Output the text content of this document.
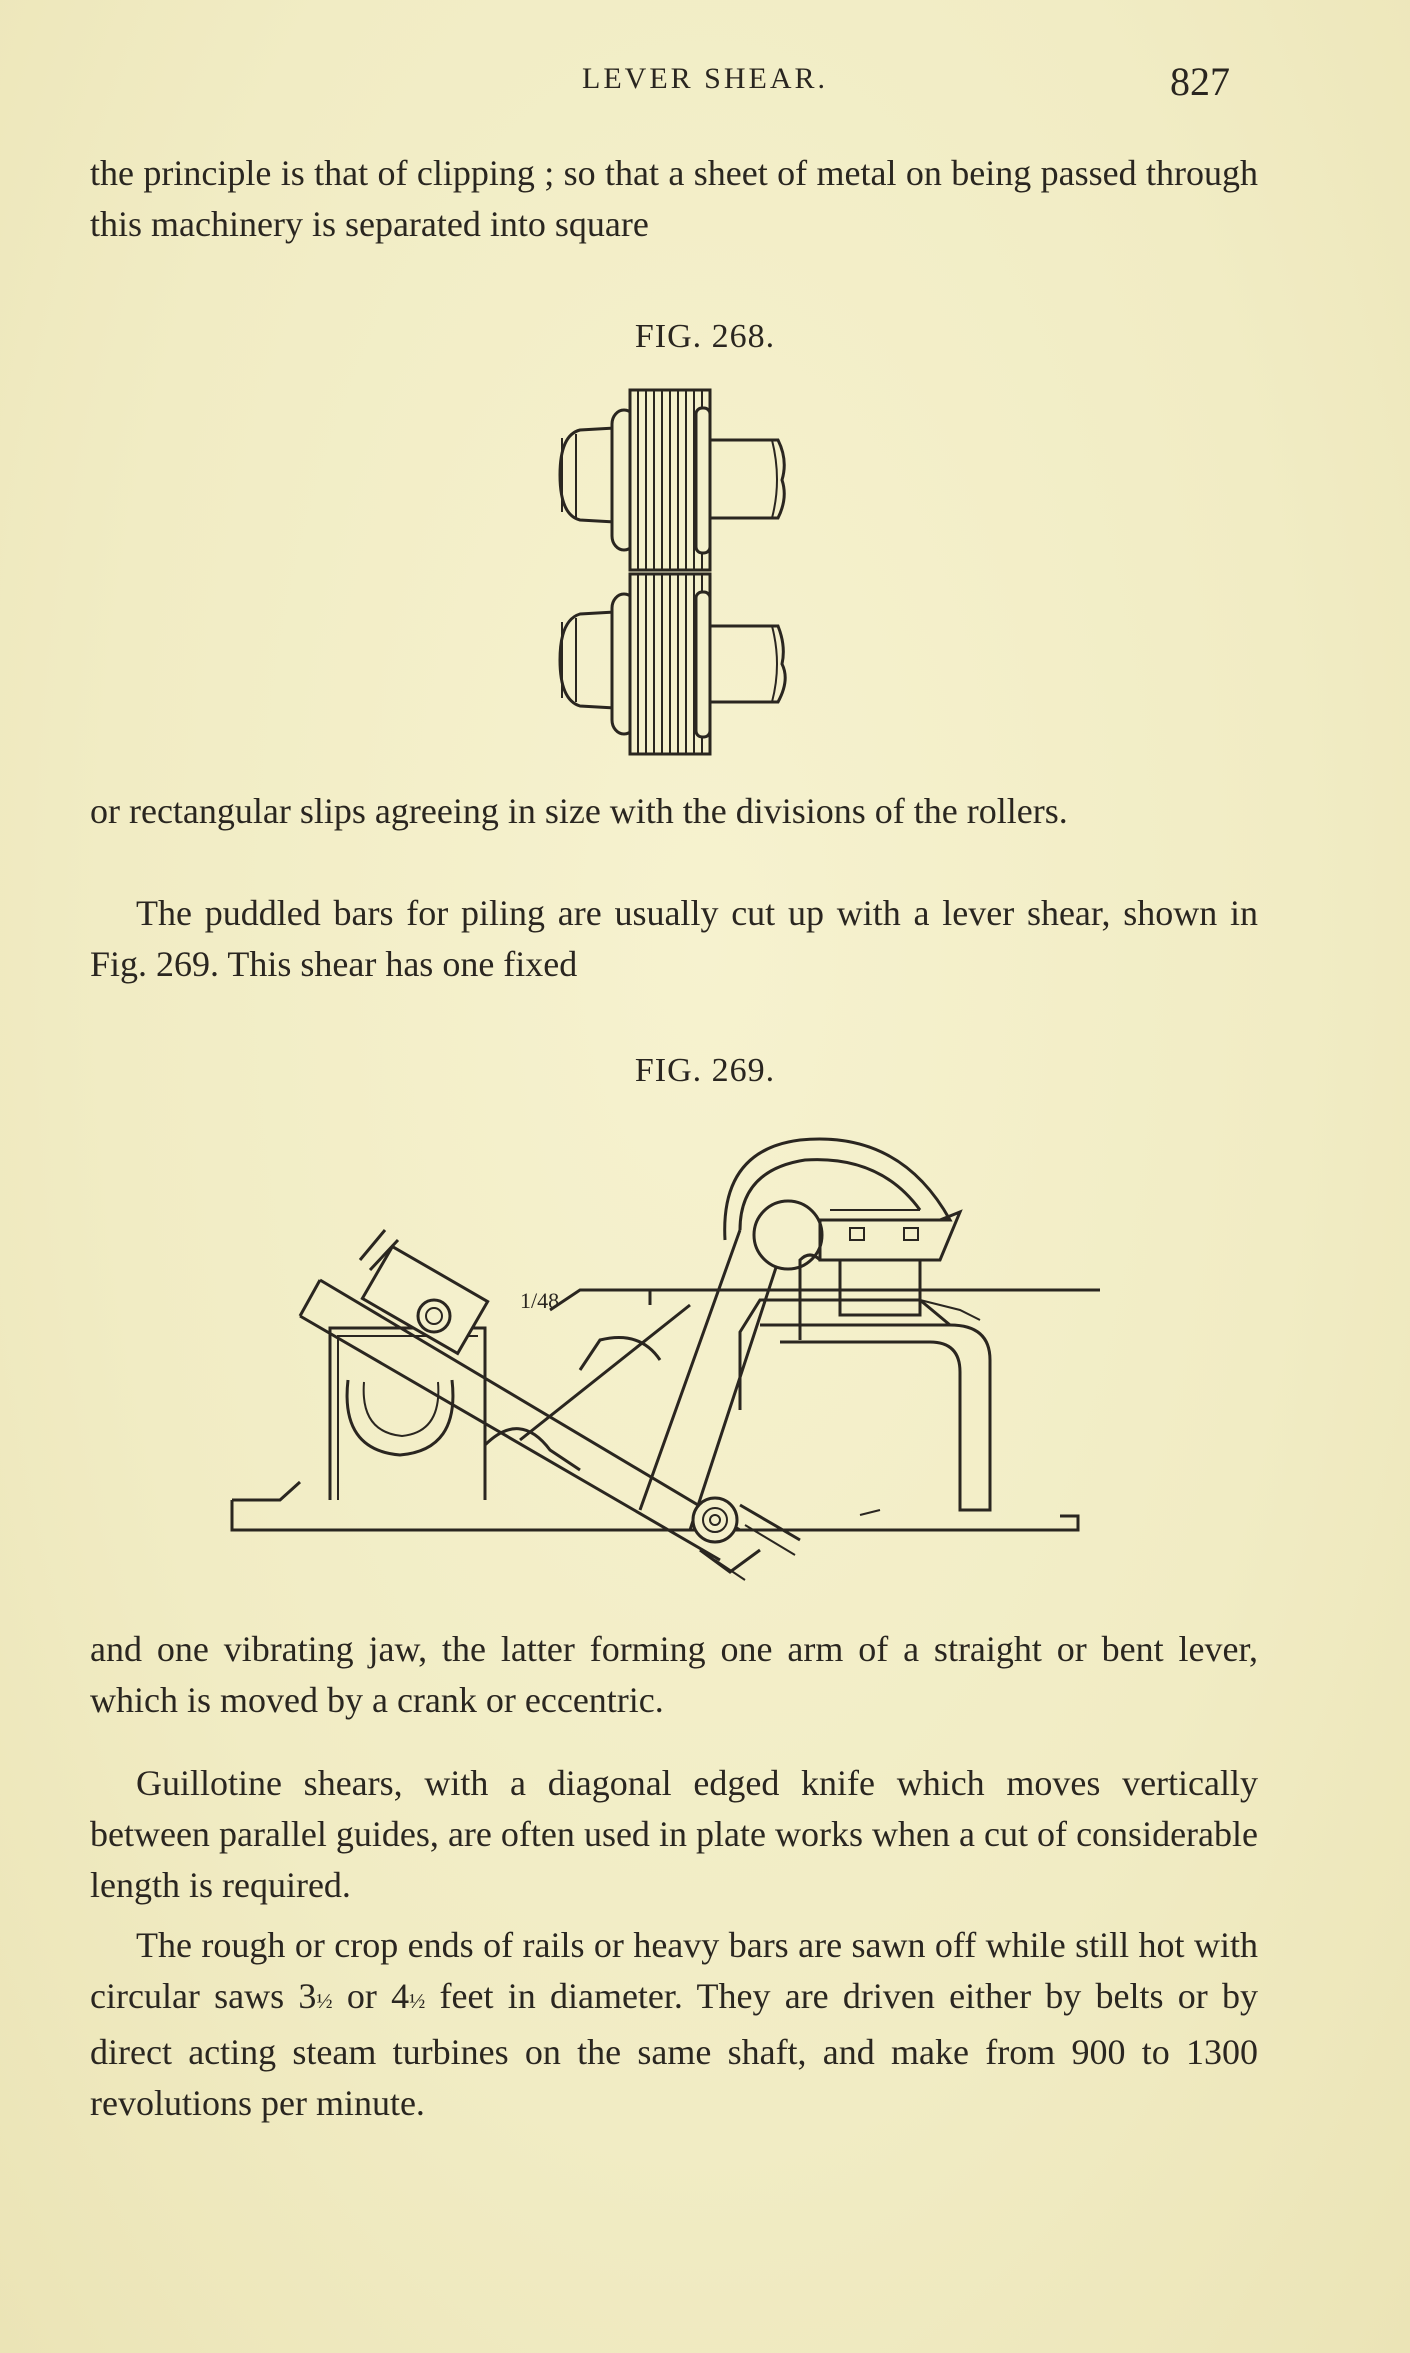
LEVER SHEAR.	827

the principle is that of clipping ; so that a sheet of metal on being passed through this machinery is separated into square

FIG. 268.

or rectangular slips agreeing in size with the divisions of the rollers.

The puddled bars for piling are usually cut up with a lever shear, shown in Fig. 269. This shear has one fixed

FIG. 269.
1/48

and one vibrating jaw, the latter forming one arm of a straight or bent lever, which is moved by a crank or eccentric.

Guillotine shears, with a diagonal edged knife which moves vertically between parallel guides, are often used in plate works when a cut of considerable length is required.

The rough or crop ends of rails or heavy bars are sawn off while still hot with circular saws 3½ or 4½ feet in diameter. They are driven either by belts or by direct acting steam turbines on the same shaft, and make from 900 to 1300 revolutions per minute.
